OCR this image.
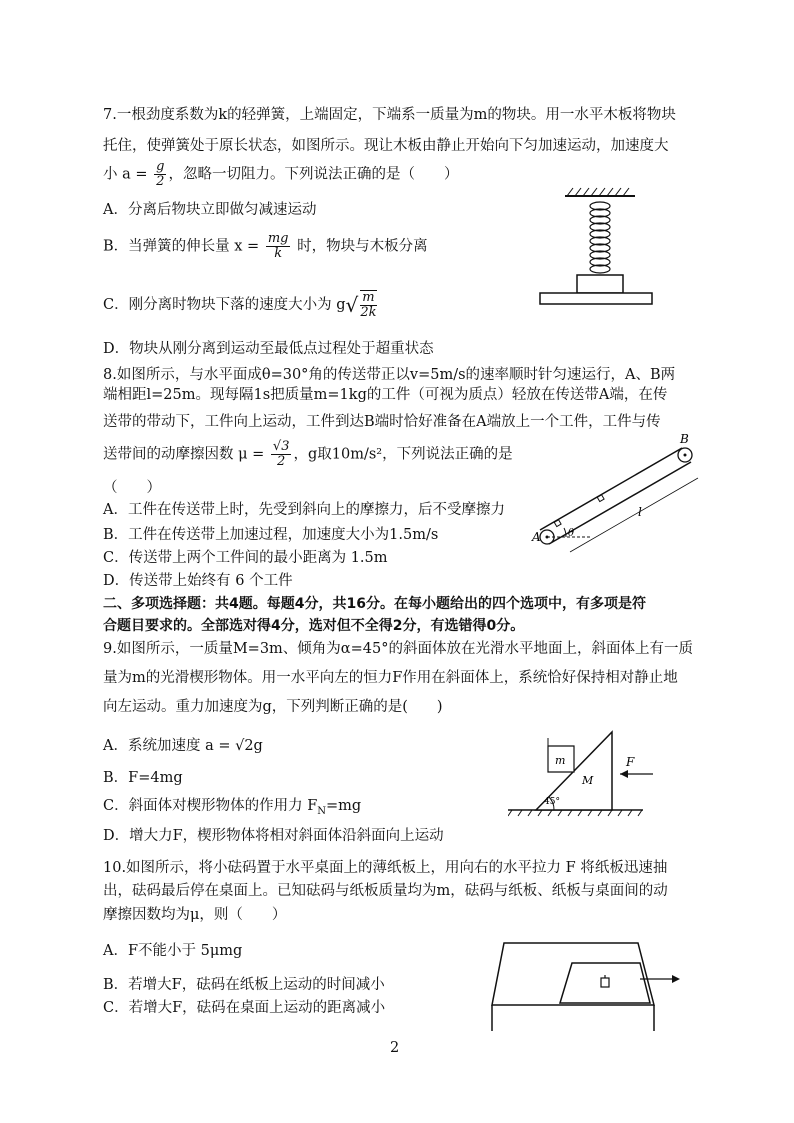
7.一根劲度系数为k的轻弹簧，上端固定，下端系一质量为m的物块。用一水平木板将物块
托住，使弹簧处于原长状态，如图所示。现让木板由静止开始向下匀加速运动，加速度大
小 $a = \frac{g}{2}$ ，忽略一切阻力。下列说法正确的是（　　）
A．分离后物块立即做匀减速运动
B．当弹簧的伸长量 $x = \frac{mg}{k}$ 时，物块与木板分离
C．刚分离时物块下落的速度大小为 $g√ \frac{m}{2k}$
D．物块从刚分离到运动至最低点过程处于超重状态
8.如图所示，与水平面成θ=30°角的传送带正以v=5m/s的速率顺时针匀速运行，A、B两
端相距l=25m。现每隔1s把质量m=1kg的工件（可视为质点）轻放在传送带A端，在传
送带的带动下，工件向上运动，工件到达B端时恰好准备在A端放上一个工件，工件与传
送带间的动摩擦因数 $\mu = \frac{√3}{2}$ ，g取10m/s²，下列说法正确的是
（　　）
A．工件在传送带上时，先受到斜向上的摩擦力，后不受摩擦力
B．工件在传送带上加速过程，加速度大小为1.5m/s
C．传送带上两个工件间的最小距离为 1.5m
D．传送带上始终有 6 个工件
A
B
l
θ
二、多项选择题：共4题。每题4分，共16分。在每小题给出的四个选项中，有多项是符
合题目要求的。全部选对得4分，选对但不全得2分，有选错得0分。
9.如图所示，一质量M=3m、倾角为α=45°的斜面体放在光滑水平地面上，斜面体上有一质
量为m的光滑楔形物体。用一水平向左的恒力F作用在斜面体上，系统恰好保持相对静止地
向左运动。重力加速度为g，下列判断正确的是(　　)
A．系统加速度 a = √2g
B．F=4mg
C．斜面体对楔形物体的作用力 $F_N=mg$
D．增大力F，楔形物体将相对斜面体沿斜面向上运动
m
M
F
45°
10.如图所示，将小砝码置于水平桌面上的薄纸板上，用向右的水平拉力 F 将纸板迅速抽
出，砝码最后停在桌面上。已知砝码与纸板质量均为m，砝码与纸板、纸板与桌面间的动
摩擦因数均为μ，则（　　）
A．F不能小于 5μmg
B．若增大F，砝码在纸板上运动的时间减小
C．若增大F，砝码在桌面上运动的距离减小
2
